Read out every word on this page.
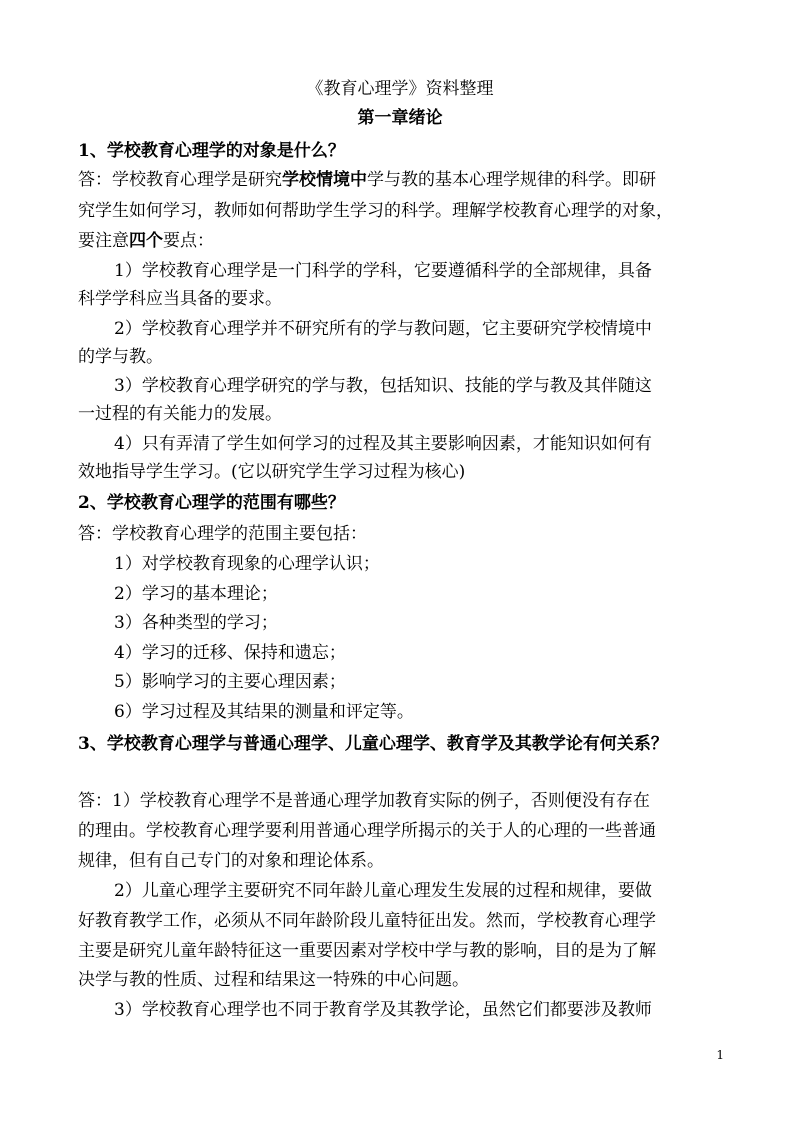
《教育心理学》资料整理
第一章绪论
1、学校教育心理学的对象是什么？
答：学校教育心理学是研究学校情境中学与教的基本心理学规律的科学。即研
究学生如何学习，教师如何帮助学生学习的科学。理解学校教育心理学的对象，
要注意四个要点：
1）学校教育心理学是一门科学的学科，它要遵循科学的全部规律，具备
科学学科应当具备的要求。
2）学校教育心理学并不研究所有的学与教问题，它主要研究学校情境中
的学与教。
3）学校教育心理学研究的学与教，包括知识、技能的学与教及其伴随这
一过程的有关能力的发展。
4）只有弄清了学生如何学习的过程及其主要影响因素，才能知识如何有
效地指导学生学习。(它以研究学生学习过程为核心)
2、学校教育心理学的范围有哪些？
答：学校教育心理学的范围主要包括：
1）对学校教育现象的心理学认识；
2）学习的基本理论；
3）各种类型的学习；
4）学习的迁移、保持和遗忘；
5）影响学习的主要心理因素；
6）学习过程及其结果的测量和评定等。
3、学校教育心理学与普通心理学、儿童心理学、教育学及其教学论有何关系？
答：1）学校教育心理学不是普通心理学加教育实际的例子，否则便没有存在
的理由。学校教育心理学要利用普通心理学所揭示的关于人的心理的一些普通
规律，但有自己专门的对象和理论体系。
2）儿童心理学主要研究不同年龄儿童心理发生发展的过程和规律，要做
好教育教学工作，必须从不同年龄阶段儿童特征出发。然而，学校教育心理学
主要是研究儿童年龄特征这一重要因素对学校中学与教的影响，目的是为了解
决学与教的性质、过程和结果这一特殊的中心问题。
3）学校教育心理学也不同于教育学及其教学论，虽然它们都要涉及教师
1
